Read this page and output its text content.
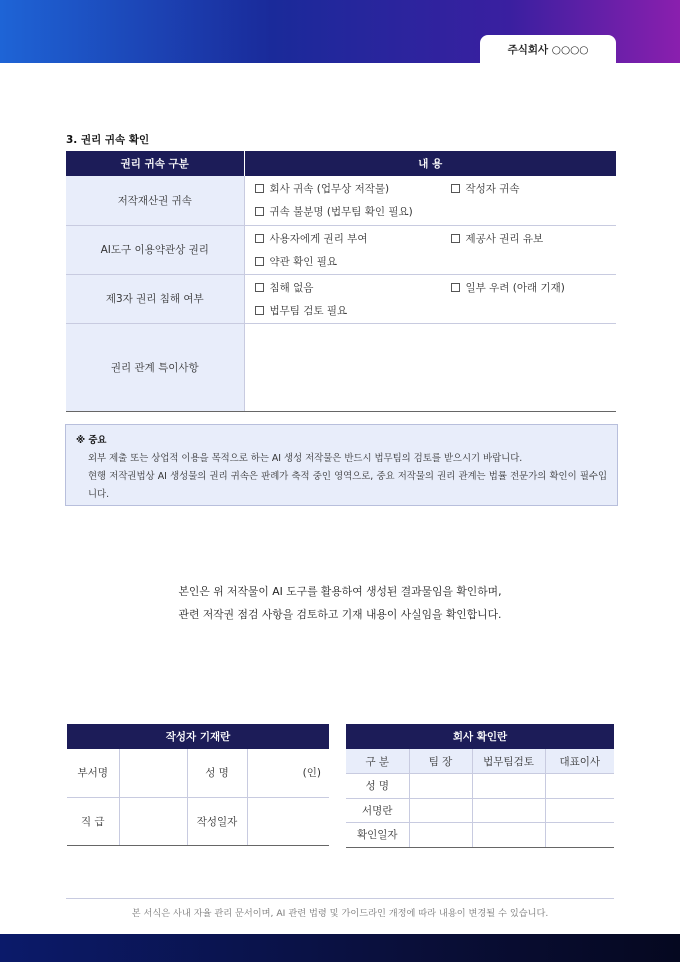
주식회사 ○○○○
3. 권리 귀속 확인
권리 귀속 구분	내 용
저작재산권 귀속	회사 귀속 (업무상 저작물) 작성자 귀속
귀속 불분명 (법무팀 확인 필요)

AI도구 이용약관상 권리	사용자에게 권리 부여 제공사 권리 유보
약관 확인 필요

제3자 권리 침해 여부	침해 없음 일부 우려 (아래 기재)
법무팀 검토 필요

권리 관계 특이사항	
※ 중요
외부 제출 또는 상업적 이용을 목적으로 하는 AI 생성 저작물은 반드시 법무팀의 검토를 받으시기 바랍니다.
현행 저작권법상 AI 생성물의 권리 귀속은 판례가 축적 중인 영역으로, 중요 저작물의 권리 관계는 법률 전문가의 확인이 필수입니다.
본인은 위 저작물이 AI 도구를 활용하여 생성된 결과물임을 확인하며,
관련 저작권 점검 사항을 검토하고 기재 내용이 사실임을 확인합니다.
작성자 기재란			
부서명		성 명	(인)
직 급		작성일자	
회사 확인란			
구 분	팀 장	법무팀검토	대표이사
성 명			
서명란			
확인일자			
본 서식은 사내 자율 관리 문서이며, AI 관련 법령 및 가이드라인 개정에 따라 내용이 변경될 수 있습니다.
